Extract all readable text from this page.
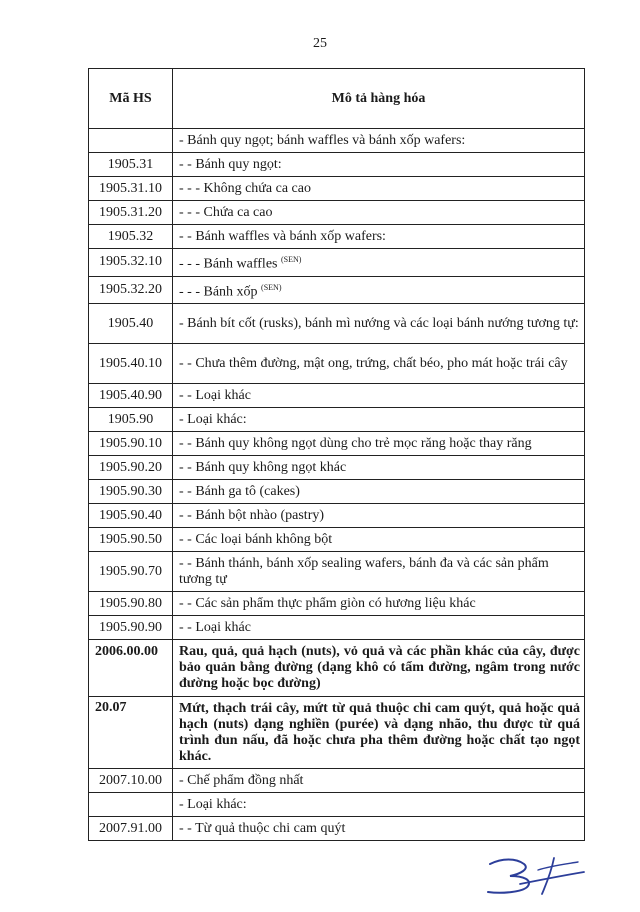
25
Mã HS	Mô tả hàng hóa
	- Bánh quy ngọt; bánh waffles và bánh xốp wafers:
1905.31	- - Bánh quy ngọt:
1905.31.10	- - - Không chứa ca cao
1905.31.20	- - - Chứa ca cao
1905.32	- - Bánh waffles và bánh xốp wafers:
1905.32.10	- - - Bánh waffles $^{(SEN)}$
1905.32.20	- - - Bánh xốp $^{(SEN)}$
1905.40	- Bánh bít cốt (rusks), bánh mì nướng và các loại bánh nướng tương tự:
1905.40.10	- - Chưa thêm đường, mật ong, trứng, chất béo, pho mát hoặc trái cây
1905.40.90	- - Loại khác
1905.90	- Loại khác:
1905.90.10	- - Bánh quy không ngọt dùng cho trẻ mọc răng hoặc thay răng
1905.90.20	- - Bánh quy không ngọt khác
1905.90.30	- - Bánh ga tô (cakes)
1905.90.40	- - Bánh bột nhào (pastry)
1905.90.50	- - Các loại bánh không bột
1905.90.70	- - Bánh thánh, bánh xốp sealing wafers, bánh đa và các sản phẩm tương tự
1905.90.80	- - Các sản phẩm thực phẩm giòn có hương liệu khác
1905.90.90	- - Loại khác
2006.00.00	Rau, quả, quả hạch (nuts), vỏ quả và các phần khác của cây, được bảo quản bằng đường (dạng khô có tẩm đường, ngâm trong nước đường hoặc bọc đường)
20.07	Mứt, thạch trái cây, mứt từ quả thuộc chi cam quýt, quả hoặc quả hạch (nuts) dạng nghiền (purée) và dạng nhão, thu được từ quá trình đun nấu, đã hoặc chưa pha thêm đường hoặc chất tạo ngọt khác.
2007.10.00	- Chế phẩm đồng nhất
	- Loại khác:
2007.91.00	- - Từ quả thuộc chi cam quýt
